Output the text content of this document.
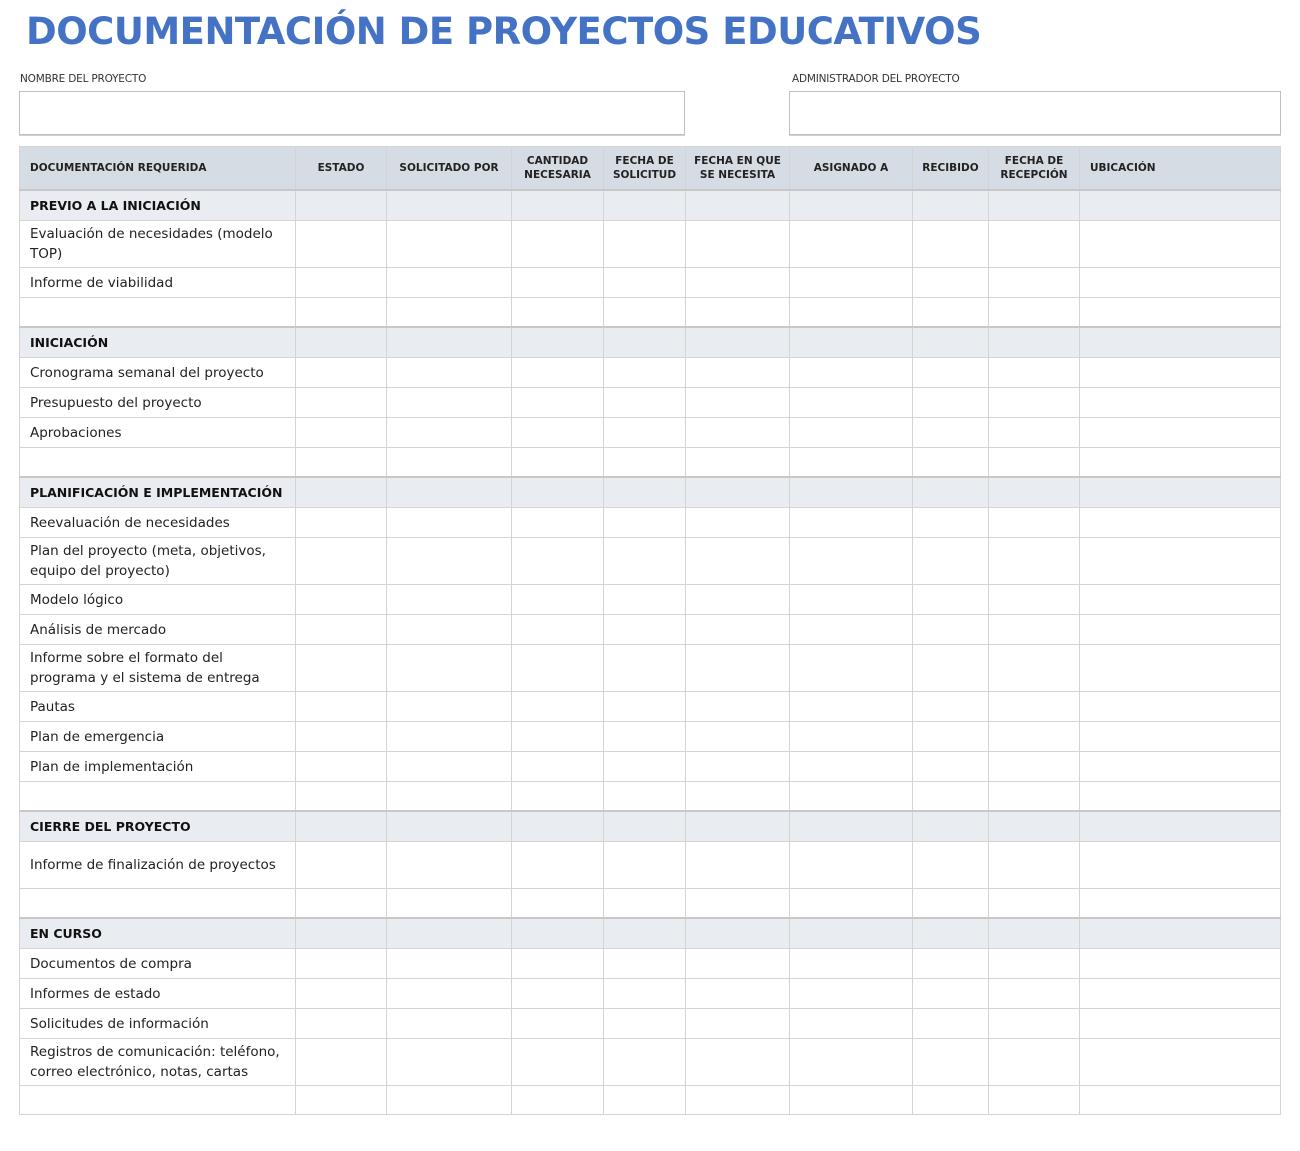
DOCUMENTACIÓN DE PROYECTOS EDUCATIVOS
NOMBRE DEL PROYECTO	ADMINISTRADOR DEL PROYECTO
DOCUMENTACIÓN REQUERIDA	ESTADO	SOLICITADO POR	CANTIDAD NECESARIA	FECHA DE SOLICITUD	FECHA EN QUE SE NECESITA	ASIGNADO A	RECIBIDO	FECHA DE RECEPCIÓN	UBICACIÓN
PREVIO A LA INICIACIÓN									
Evaluación de necesidades (modelo TOP)									
Informe de viabilidad									

INICIACIÓN									
Cronograma semanal del proyecto									
Presupuesto del proyecto									
Aprobaciones									

PLANIFICACIÓN E IMPLEMENTACIÓN									
Reevaluación de necesidades									
Plan del proyecto (meta, objetivos, equipo del proyecto)									
Modelo lógico									
Análisis de mercado									
Informe sobre el formato del programa y el sistema de entrega									
Pautas									
Plan de emergencia									
Plan de implementación									

CIERRE DEL PROYECTO									
Informe de finalización de proyectos									

EN CURSO									
Documentos de compra									
Informes de estado									
Solicitudes de información									
Registros de comunicación: teléfono, correo electrónico, notas, cartas									
